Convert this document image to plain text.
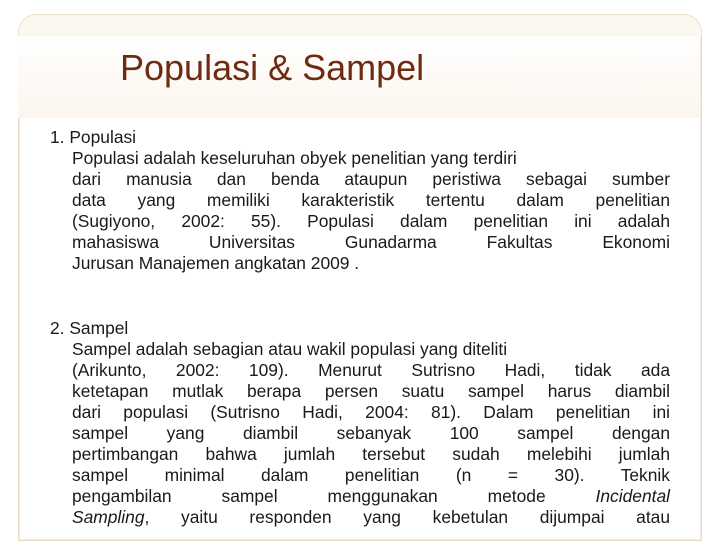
Populasi & Sampel
1. Populasi
Populasi adalah keseluruhan obyek penelitian yang terdiri
dari manusia dan benda ataupun peristiwa sebagai sumber
data yang memiliki karakteristik tertentu dalam penelitian
(Sugiyono, 2002: 55). Populasi dalam penelitian ini adalah
mahasiswa Universitas Gunadarma Fakultas Ekonomi
Jurusan Manajemen angkatan 2009 .
2. Sampel
Sampel adalah sebagian atau wakil populasi yang diteliti
(Arikunto, 2002: 109). Menurut Sutrisno Hadi, tidak ada
ketetapan mutlak berapa persen suatu sampel harus diambil
dari populasi (Sutrisno Hadi, 2004: 81). Dalam penelitian ini
sampel yang diambil sebanyak 100 sampel dengan
pertimbangan bahwa jumlah tersebut sudah melebihi jumlah
sampel minimal dalam penelitian (n = 30). Teknik
pengambilan sampel menggunakan metode	Incidental
Sampling, yaitu responden yang kebetulan dijumpai atau
